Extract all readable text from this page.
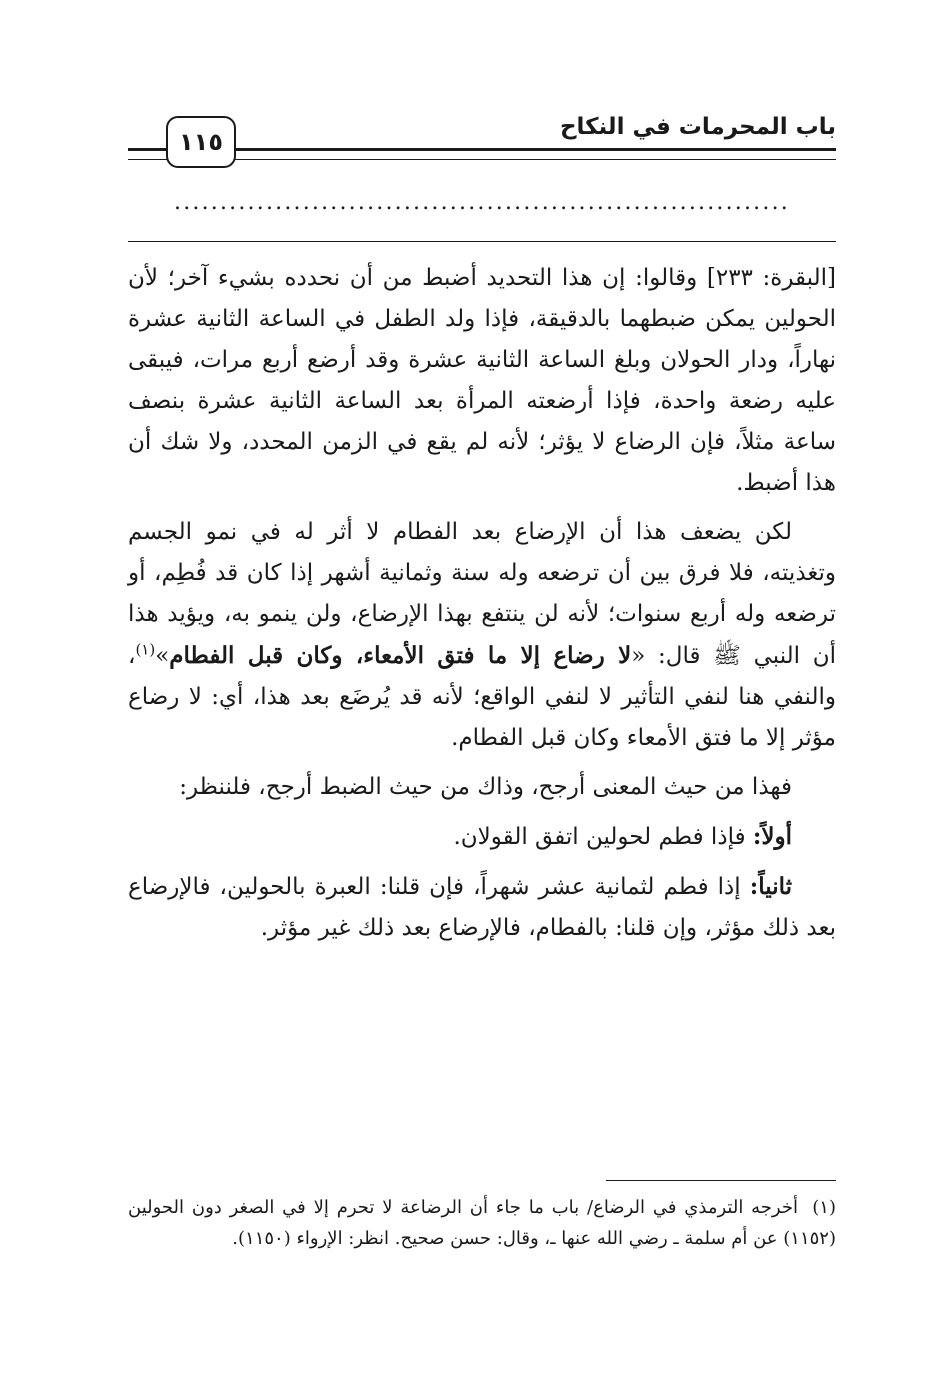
باب المحرمات في النكاح
١١٥
...................................................................

[البقرة: ٢٣٣] وقالوا: إن هذا التحديد أضبط من أن نحدده بشيء آخر؛ لأن الحولين يمكن ضبطهما بالدقيقة، فإذا ولد الطفل في الساعة الثانية عشرة نهاراً، ودار الحولان وبلغ الساعة الثانية عشرة وقد أرضع أربع مرات، فيبقى عليه رضعة واحدة، فإذا أرضعته المرأة بعد الساعة الثانية عشرة بنصف ساعة مثلاً، فإن الرضاع لا يؤثر؛ لأنه لم يقع في الزمن المحدد، ولا شك أن هذا أضبط.

لكن يضعف هذا أن الإرضاع بعد الفطام لا أثر له في نمو الجسم وتغذيته، فلا فرق بين أن ترضعه وله سنة وثمانية أشهر إذا كان قد فُطِم، أو ترضعه وله أربع سنوات؛ لأنه لن ينتفع بهذا الإرضاع، ولن ينمو به، ويؤيد هذا أن النبي ﷺ قال: «لا رضاع إلا ما فتق الأمعاء، وكان قبل الفطام»$^{(١)}$، والنفي هنا لنفي التأثير لا لنفي الواقع؛ لأنه قد يُرضَع بعد هذا، أي: لا رضاع مؤثر إلا ما فتق الأمعاء وكان قبل الفطام.

فهذا من حيث المعنى أرجح، وذاك من حيث الضبط أرجح، فلننظر:

أولاً: فإذا فطم لحولين اتفق القولان.

ثانياً: إذا فطم لثمانية عشر شهراً، فإن قلنا: العبرة بالحولين، فالإرضاع بعد ذلك مؤثر، وإن قلنا: بالفطام، فالإرضاع بعد ذلك غير مؤثر.

(١)أخرجه الترمذي في الرضاع/ باب ما جاء أن الرضاعة لا تحرم إلا في الصغر دون الحولين (١١٥٢) عن أم سلمة ـ رضي الله عنها ـ، وقال: حسن صحيح. انظر: الإرواء (١١٥٠).
